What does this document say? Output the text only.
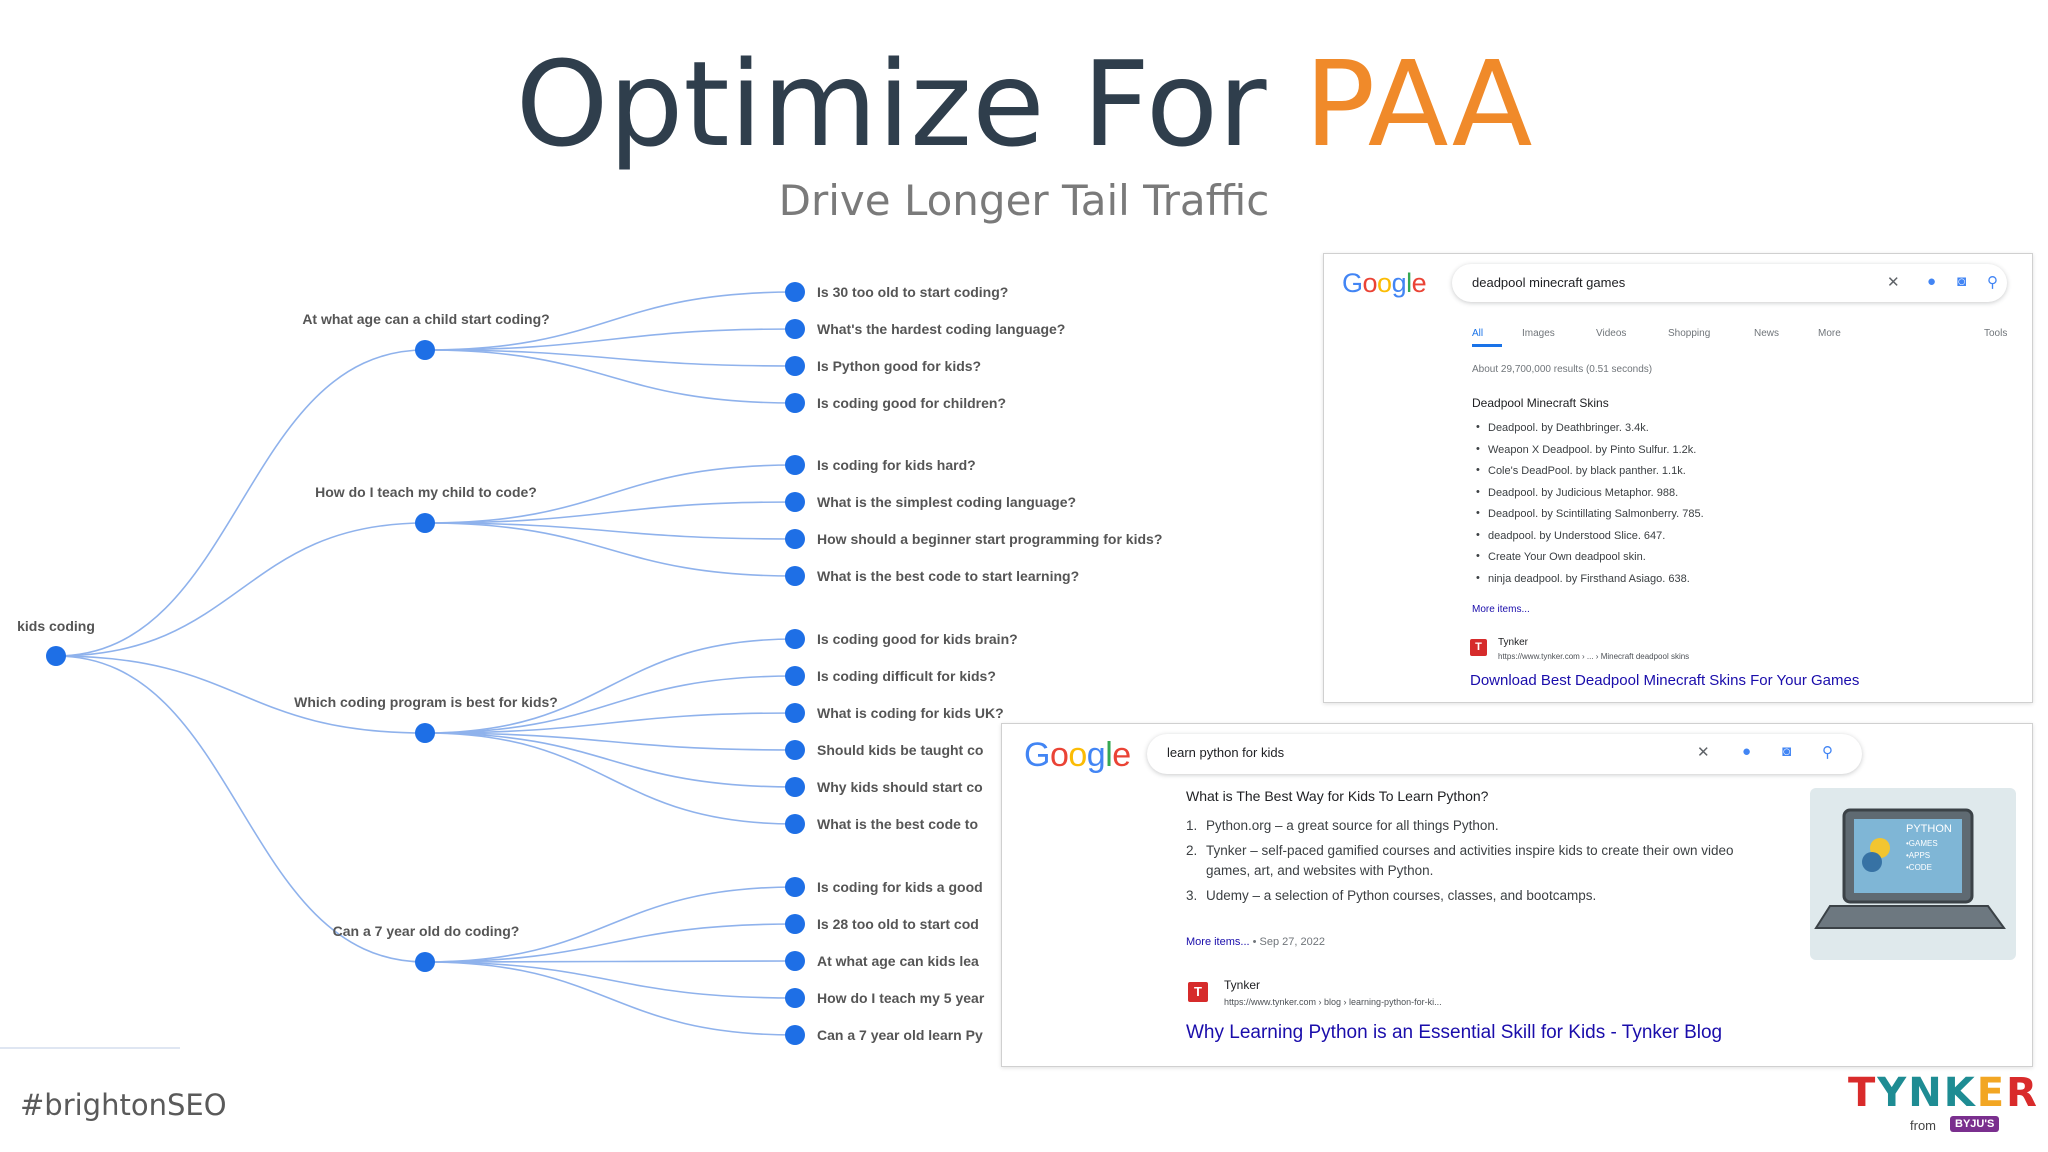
Optimize For PAA
Drive Longer Tail Traffic
Is 30 too old to start coding?
What's the hardest coding language?
Is Python good for kids?
Is coding good for children?
At what age can a child start coding?
Is coding for kids hard?
What is the simplest coding language?
How should a beginner start programming for kids?
What is the best code to start learning?
How do I teach my child to code?
Is coding good for kids brain?
Is coding difficult for kids?
What is coding for kids UK?
Should kids be taught co
Why kids should start co
What is the best code to
Which coding program is best for kids?
Is coding for kids a good
Is 28 too old to start cod
At what age can kids lea
How do I teach my 5 year
Can a 7 year old learn Py
Can a 7 year old do coding?
kids coding
Google	deadpool minecraft games	✕ ● ◙ ⚲
All	Images	Videos	Shopping	News	More	Tools
About 29,700,000 results (0.51 seconds)
Deadpool Minecraft Skins
• Deadpool. by Deathbringer. 3.4k.
• Weapon X Deadpool. by Pinto Sulfur. 1.2k.
• Cole's DeadPool. by black panther. 1.1k.
• Deadpool. by Judicious Metaphor. 988.
• Deadpool. by Scintillating Salmonberry. 785.
• deadpool. by Understood Slice. 647.
• Create Your Own deadpool skin.
• ninja deadpool. by Firsthand Asiago. 638.
More items...
T	Tynker
https://www.tynker.com › ... › Minecraft deadpool skins
Download Best Deadpool Minecraft Skins For Your Games
Google	learn python for kids	✕ ● ◙ ⚲
What is The Best Way for Kids To Learn Python?
1. Python.org – a great source for all things Python.
2. Tynker – self-paced gamified courses and activities inspire kids to create their own video games, art, and websites with Python.
3. Udemy – a selection of Python courses, classes, and bootcamps.
More items... • Sep 27, 2022
PYTHON
•GAMES
•APPS
•CODE
T	Tynker
https://www.tynker.com › blog › learning-python-for-ki...
Why Learning Python is an Essential Skill for Kids - Tynker Blog
#brightonSEO	TYNKER
from	BYJU'S
